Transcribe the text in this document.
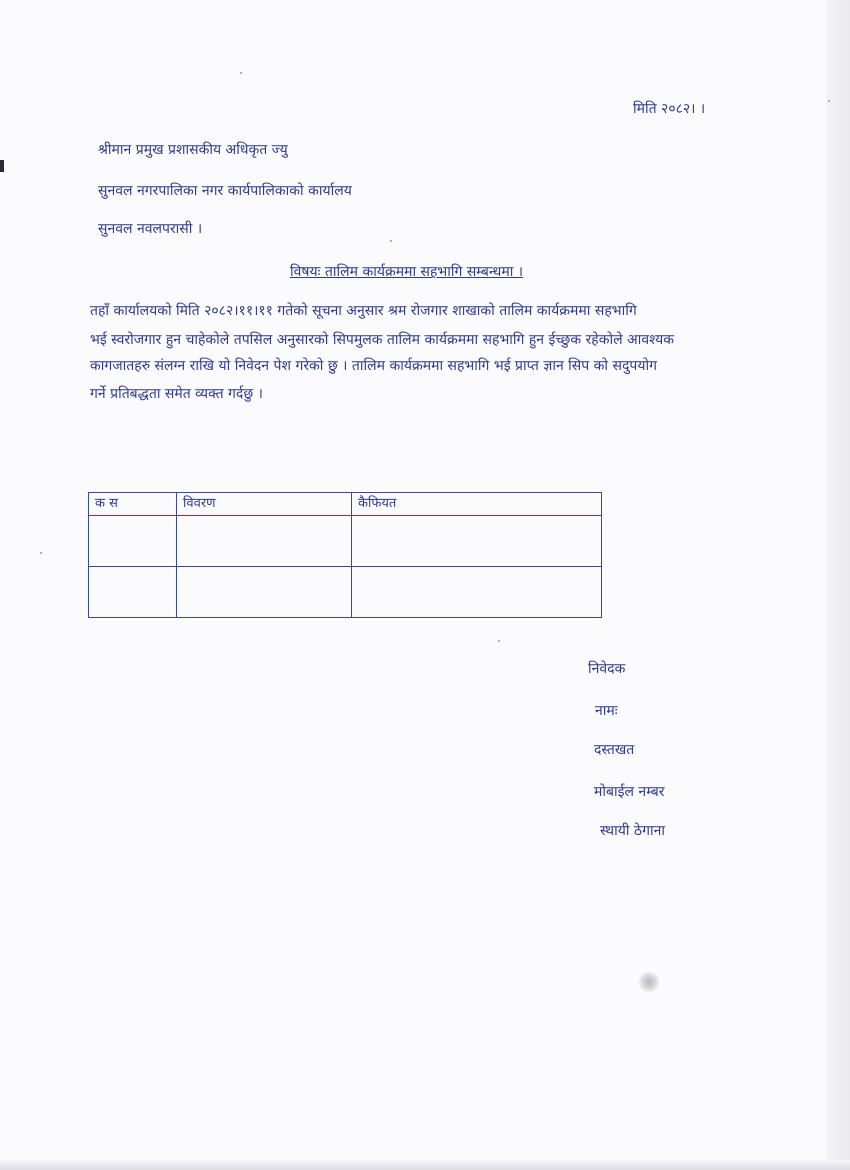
मिति २०८२। ।
श्रीमान प्रमुख प्रशासकीय अधिकृत ज्यु
सुनवल नगरपालिका नगर कार्यपालिकाको कार्यालय
सुनवल नवलपरासी ।
विषयः तालिम कार्यक्रममा सहभागि सम्बन्धमा ।
तहाँ कार्यालयको मिति २०८२।११।११ गतेको सूचना अनुसार श्रम रोजगार शाखाको तालिम कार्यक्रममा सहभागि
भई स्वरोजगार हुन चाहेकोले तपसिल अनुसारको सिपमुलक तालिम कार्यक्रममा सहभागि हुन ईच्छुक रहेकोले आवश्यक
कागजातहरु संलग्न राखि यो निवेदन पेश गरेको छु । तालिम कार्यक्रममा सहभागि भई प्राप्त ज्ञान सिप को सदुपयोग
गर्ने प्रतिबद्धता समेत व्यक्त गर्दछु ।
क स	विवरण	कैफियत

निवेदक
नामः
दस्तखत
मोबाईल नम्बर
स्थायी ठेगाना
